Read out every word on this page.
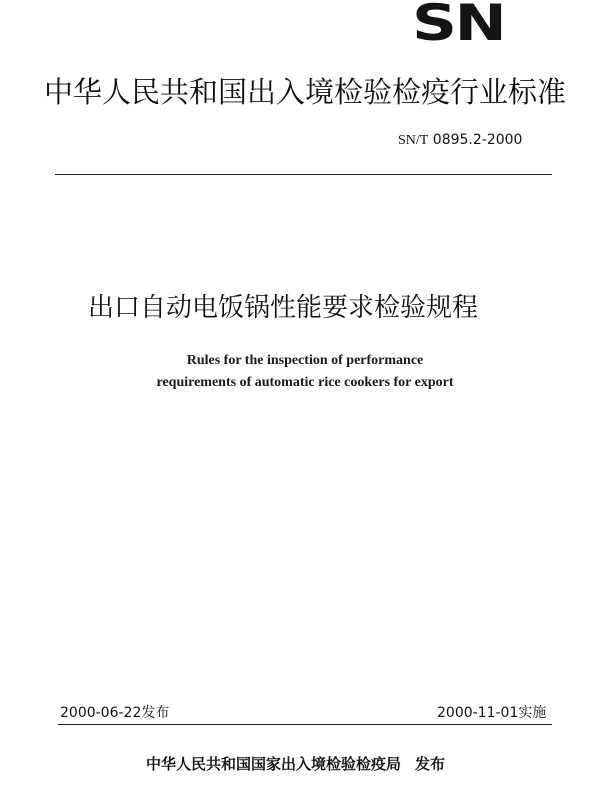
SN
中华人民共和国出入境检验检疫行业标准
SN/T 0895.2-2000
出口自动电饭锅性能要求检验规程
Rules for the inspection of performance
requirements of automatic rice cookers for export
2000-06-22发布	2000-11-01实施
中华人民共和国国家出入境检验检疫局 发布
